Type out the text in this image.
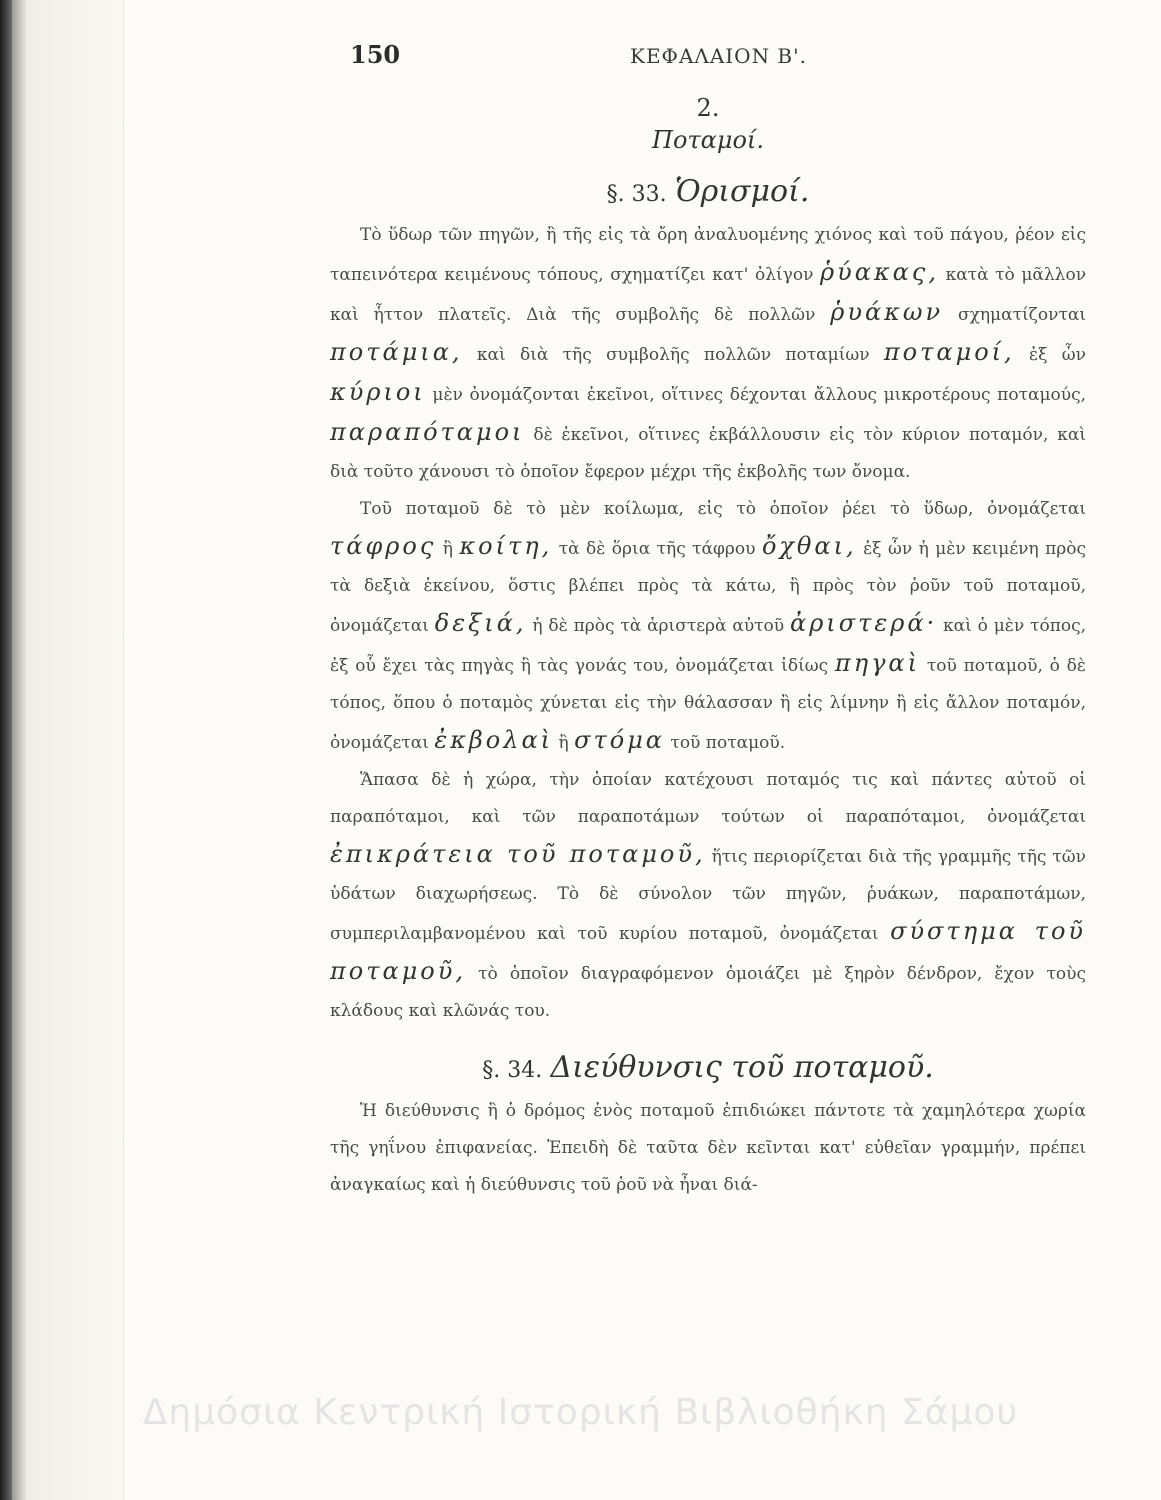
150	ΚΕΦΑΛΑΙΟΝ Β'.
2.
Ποταμοί.
§. 33. Ὁρισμοί.

Τὸ ὕδωρ τῶν πηγῶν, ἢ τῆς εἰς τὰ ὄρη ἀναλυομένης χιόνος καὶ τοῦ πάγου, ῥέον εἰς ταπεινότερα κειμένους τόπους, σχηματίζει κατ' ὀλίγον ῥύακας, κατὰ τὸ μᾶλλον καὶ ἧττον πλατεῖς. Διὰ τῆς συμβολῆς δὲ πολλῶν ῥυάκων σχηματίζονται ποτάμια, καὶ διὰ τῆς συμβολῆς πολλῶν ποταμίων ποταμοί, ἐξ ὧν κύριοι μὲν ὀνομάζονται ἐκεῖνοι, οἵτινες δέχονται ἄλλους μικροτέρους ποταμούς, παραπόταμοι δὲ ἐκεῖνοι, οἵτινες ἐκβάλλουσιν εἰς τὸν κύριον ποταμόν, καὶ διὰ τοῦτο χάνουσι τὸ ὁποῖον ἔφερον μέχρι τῆς ἐκβολῆς των ὄνομα.

Τοῦ ποταμοῦ δὲ τὸ μὲν κοίλωμα, εἰς τὸ ὁποῖον ῥέει τὸ ὕδωρ, ὀνομάζεται τάφρος ἢ κοίτη, τὰ δὲ ὅρια τῆς τάφρου ὄχθαι, ἐξ ὧν ἡ μὲν κειμένη πρὸς τὰ δεξιὰ ἐκείνου, ὅστις βλέπει πρὸς τὰ κάτω, ἢ πρὸς τὸν ῥοῦν τοῦ ποταμοῦ, ὀνομάζεται δεξιά, ἡ δὲ πρὸς τὰ ἀριστερὰ αὐτοῦ ἀριστερά· καὶ ὁ μὲν τόπος, ἐξ οὗ ἔχει τὰς πηγὰς ἢ τὰς γονάς του, ὀνομάζεται ἰδίως πηγαὶ τοῦ ποταμοῦ, ὁ δὲ τόπος, ὅπου ὁ ποταμὸς χύνεται εἰς τὴν θάλασσαν ἢ εἰς λίμνην ἢ εἰς ἄλλον ποταμόν, ὀνομάζεται ἐκβολαὶ ἢ στόμα τοῦ ποταμοῦ.

Ἅπασα δὲ ἡ χώρα, τὴν ὁποίαν κατέχουσι ποταμός τις καὶ πάντες αὐτοῦ οἱ παραπόταμοι, καὶ τῶν παραποτάμων τούτων οἱ παραπόταμοι, ὀνομάζεται ἐπικράτεια τοῦ ποταμοῦ, ἥτις περιορίζεται διὰ τῆς γραμμῆς τῆς τῶν ὑδάτων διαχωρήσεως. Τὸ δὲ σύνολον τῶν πηγῶν, ῥυάκων, παραποτάμων, συμπεριλαμβανομένου καὶ τοῦ κυρίου ποταμοῦ, ὀνομάζεται σύστημα τοῦ ποταμοῦ, τὸ ὁποῖον διαγραφόμενον ὁμοιάζει μὲ ξηρὸν δένδρον, ἔχον τοὺς κλάδους καὶ κλῶνάς του.

§. 34. Διεύθυνσις τοῦ ποταμοῦ.

Ἡ διεύθυνσις ἢ ὁ δρόμος ἑνὸς ποταμοῦ ἐπιδιώκει πάντοτε τὰ χαμηλότερα χωρία τῆς γηΐνου ἐπιφανείας. Ἐπειδὴ δὲ ταῦτα δὲν κεῖνται κατ' εὐθεῖαν γραμμήν, πρέπει ἀναγκαίως καὶ ἡ διεύθυνσις τοῦ ῥοῦ νὰ ἦναι διά-

Δημόσια Κεντρική Ιστορική Βιβλιοθήκη Σάμου
